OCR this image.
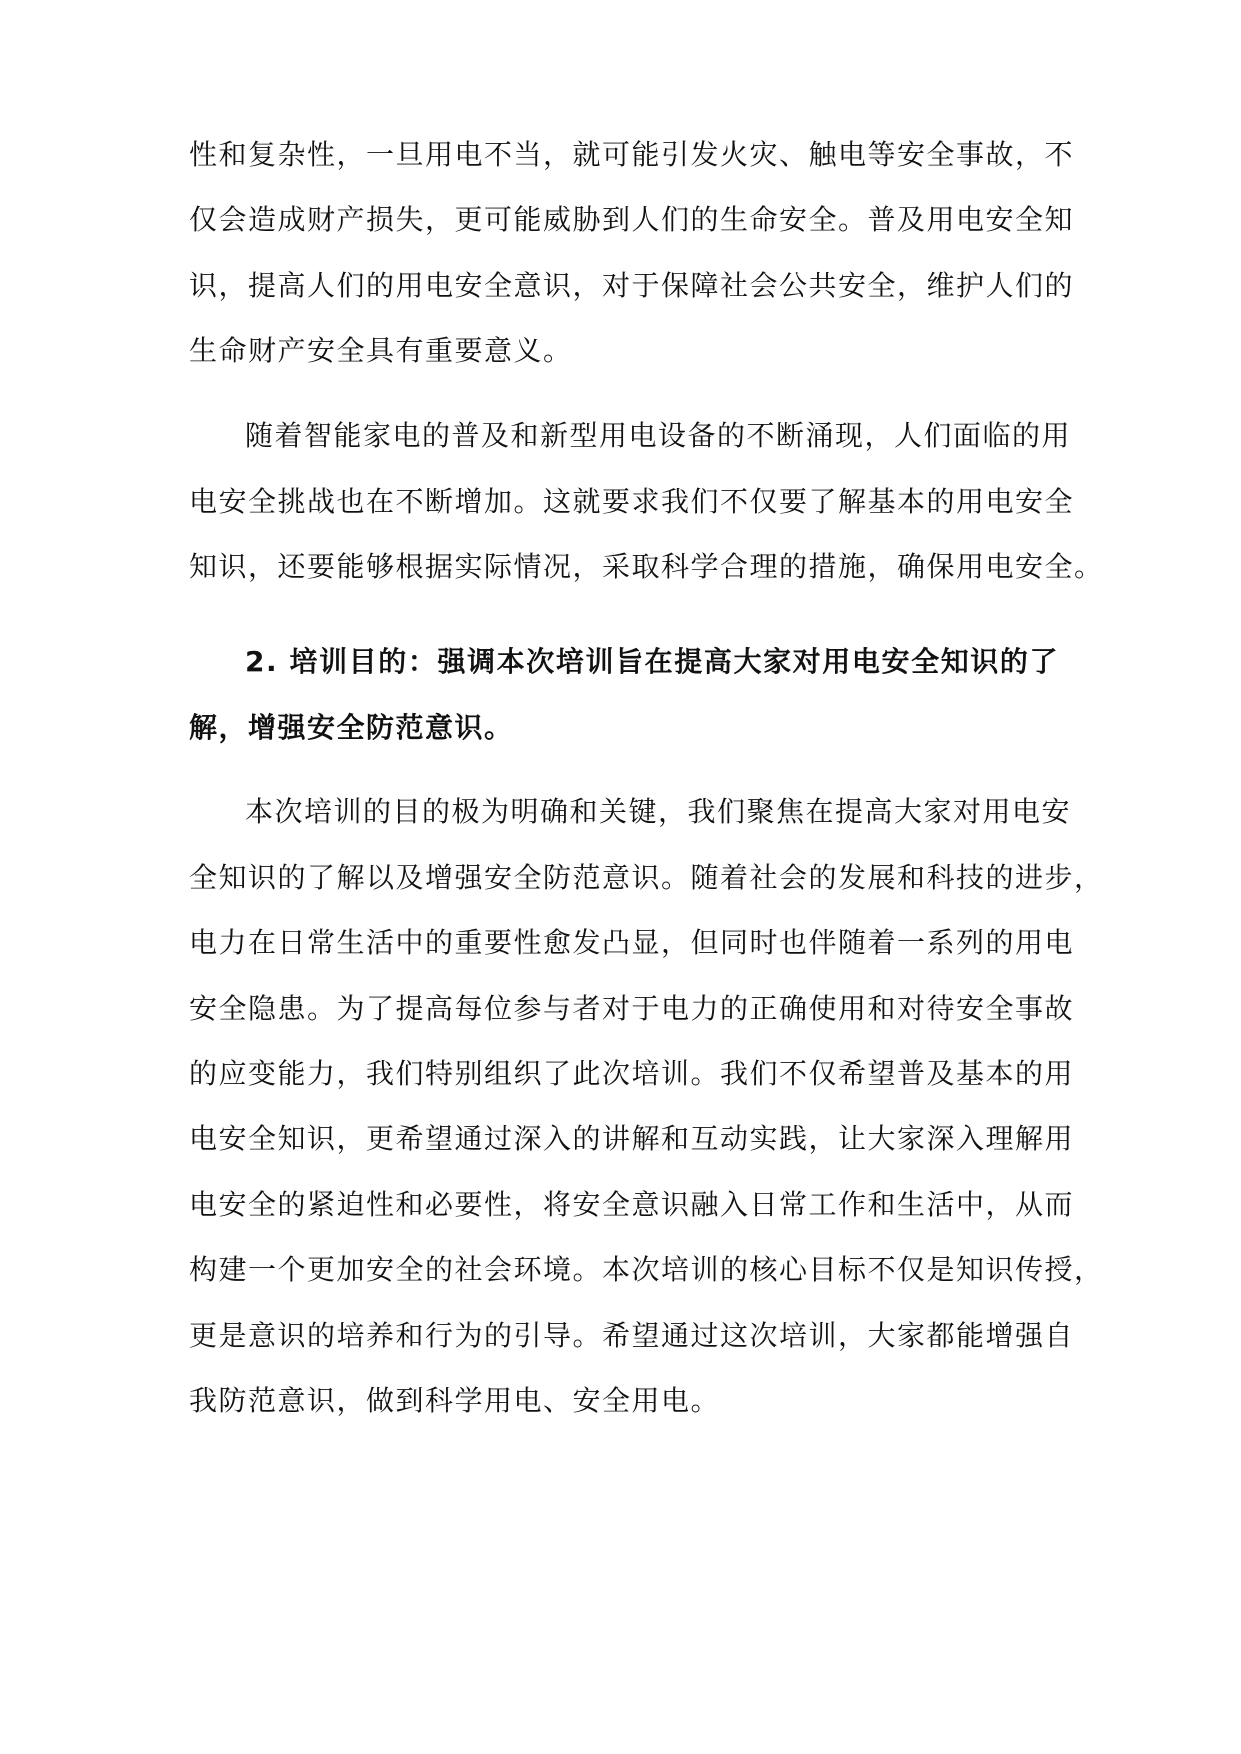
性和复杂性，一旦用电不当，就可能引发火灾、触电等安全事故，不
仅会造成财产损失，更可能威胁到人们的生命安全。普及用电安全知
识，提高人们的用电安全意识，对于保障社会公共安全，维护人们的
生命财产安全具有重要意义。
随着智能家电的普及和新型用电设备的不断涌现，人们面临的用
电安全挑战也在不断增加。这就要求我们不仅要了解基本的用电安全
知识，还要能够根据实际情况，采取科学合理的措施，确保用电安全。
2. 培训目的：强调本次培训旨在提高大家对用电安全知识的了
解，增强安全防范意识。
本次培训的目的极为明确和关键，我们聚焦在提高大家对用电安
全知识的了解以及增强安全防范意识。随着社会的发展和科技的进步，
电力在日常生活中的重要性愈发凸显，但同时也伴随着一系列的用电
安全隐患。为了提高每位参与者对于电力的正确使用和对待安全事故
的应变能力，我们特别组织了此次培训。我们不仅希望普及基本的用
电安全知识，更希望通过深入的讲解和互动实践，让大家深入理解用
电安全的紧迫性和必要性，将安全意识融入日常工作和生活中，从而
构建一个更加安全的社会环境。本次培训的核心目标不仅是知识传授，
更是意识的培养和行为的引导。希望通过这次培训，大家都能增强自
我防范意识，做到科学用电、安全用电。
